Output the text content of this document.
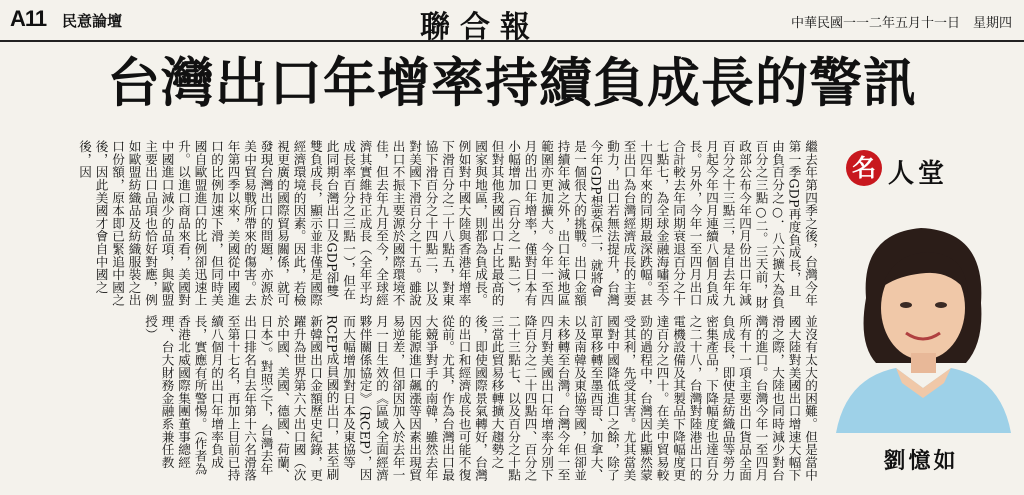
A11 民意論壇	聯合報	中華民國一一二年五月十一日　星期四
台灣出口年增率持續負成長的警訊

繼去年第四季之後，台灣今年第一季GDP再度負成長，且由負百分之○．八六擴大為負百分之三點○二。三天前，財政部公布今年四月份出口年減百分之十三點三，是自去年九月起今年四月連續八個月負成長。另外，今年一至四月出口合計較去年同期衰退百分之十七點七，為全球金融海嘯至今十四年來的同期最深跌幅。甚至出口為台灣經濟成長的主要動力，出口若無法提升，台灣今年GDP想要保二，就將會是一個很大的挑戰。出口金額持續年減之外，出口年減地區範圍亦更加擴大。今年一至四月的出口年增率，僅對日本有小幅增加（百分之一點二），但對其他我國出口占比最高的國家與地區，則都為負成長。例如對中國大陸與香港年增率下滑百分之二十八點五，對東協下滑百分之十四點二，以及對美國下滑百分之十五。雖說出口不振主要源於國際環境不佳，但去年九月至今，全球經濟其實維持正成長（全年平均成長率百分之三點一），但在此同期台灣出口及GDP卻雙雙負成長，顯示並非僅是國際經濟環境的因素。因此，若檢視更廣的國際貿易關係，就可發現台灣出口的問題，亦源於美中貿易戰所帶來的傷害。去年第四季以來，美國從中國進口的比例加速下滑，但同時美國自歐盟進口的比例卻迅速上升。以進口商品來看，美國對中國進口減少的品項，與歐盟主要出口品項也恰好對應，例如歐盟紡織品及紡織服裝之出口份額，原本即已緊追中國之後，因此美國才會自中國之後，因

並沒有太大的困難。但是當中國大陸對美國出口增速大幅下滑之際，大陸也同時減少對台灣的進口。台灣今年一至四月所有十一項主要出口貨品全面負成長，即使是紡織品等勞力密集產品，下降幅度也達百分之二十八，台灣對陸港出口的電機設備及其製品下降幅度更達百分之四十。在美中貿易較勁的過程中，台灣因此顯然蒙受其利，先受其害。尤其當美國對中國降低進口之餘，除了訂單移轉至墨西哥、加拿大、以及南韓及東協等國，但卻並未移轉至台灣。台灣今年一至四月對美國出口年增率分別下降百分之二十四點四、百分之二十三點七、以及百分之十點三當此貿易移轉擴大趨勢之後，即使國際景氣轉好，台灣的出口和經濟成長也可能不復從前。尤其，作為台灣出口最大競爭對手的南韓，雖然去年因能源進口飆漲等因素出現貿易逆差，但卻因加入於去年一月一日生效的《區域全面經濟夥伴關係協定》（RCEP），因而大幅增加對日本及東協等RCEP成員國的出口，甚至刷新韓國出口金額歷史紀錄，更躍升為世界第六大出口國（次於中國、美國、德國、荷蘭、日本）。對照之下，台灣去年出口排名自去年第十六名滑落至第十七名，再加上目前已持續八個月的出口年增率負成長，實應有所警惕。（作者為香港北威國際集團董事總經理、台大財務金融系兼任教授）

名 人堂
劉憶如
